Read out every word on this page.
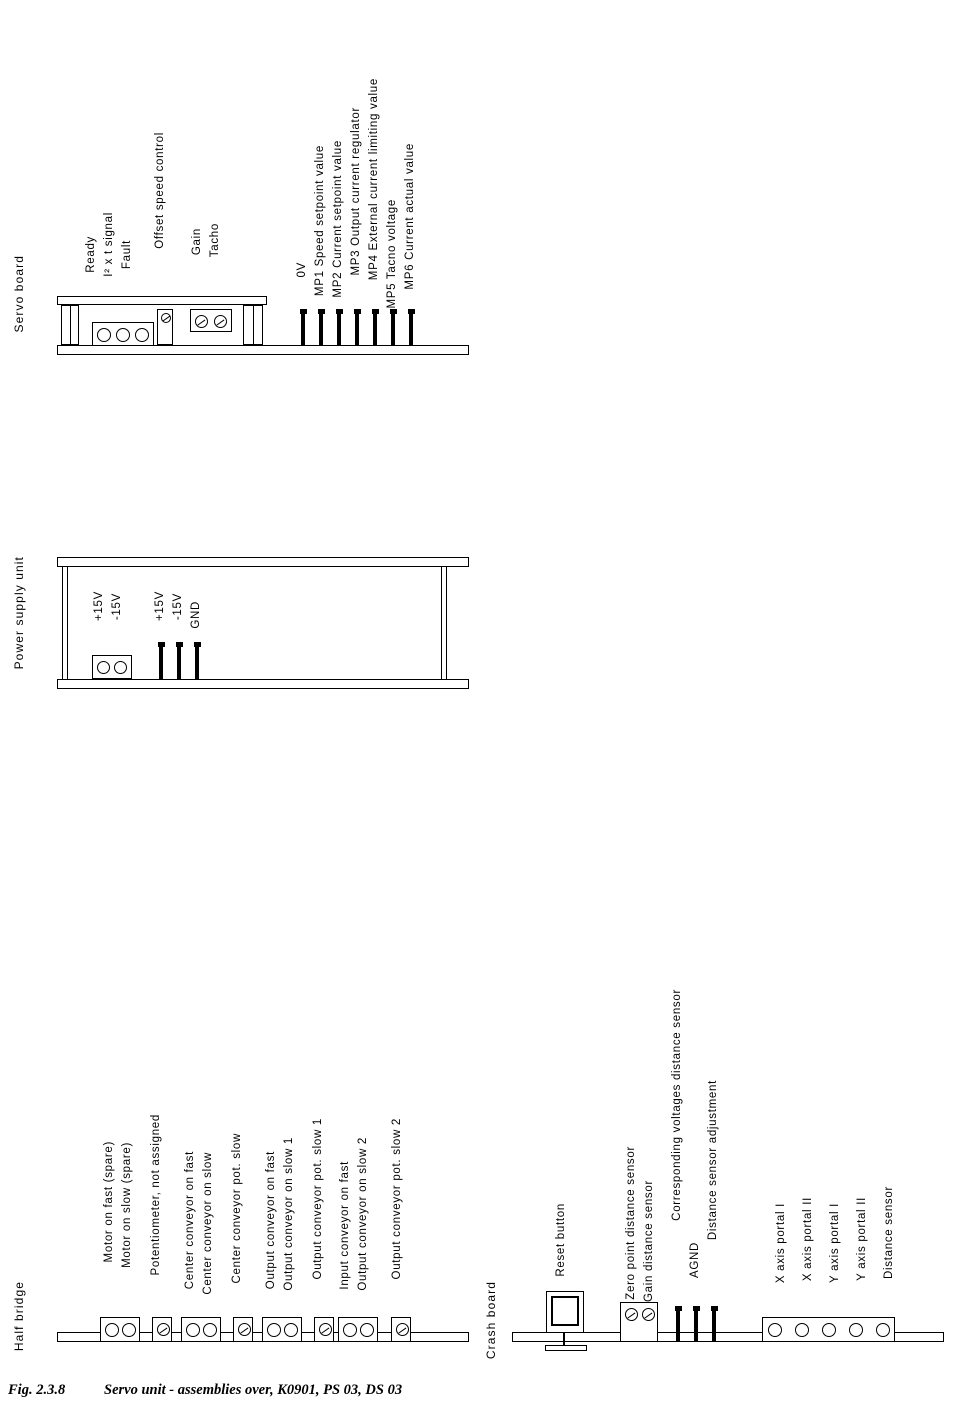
Servo board
Ready I² x t signal Fault
Offset speed control Gain Tacho
0V MP1 Speed setpoint value MP2 Current setpoint value MP3 Output current regulator MP4 External current limiting value MP5 Tacno voltage MP6 Current actual value
Power supply unit	+15V -15V	+15V -15V GND
Half bridge
Motor on fast (spare) Motor on slow (spare) Potentiometer, not assigned Center conveyor on fast Center conveyor on slow Center conveyor pot. slow Output conveyor on fast Output conveyor on slow 1 Output conveyor pot. slow 1 Input conveyor on fast Output conveyor on slow 2 Output conveyor pot. slow 2
Crash board
Reset button	Zero point distance sensor Gain distance sensor
Corresponding voltages distance sensor
AGND
Distance sensor adjustment
X axis portal I X axis portal II Y axis portal I Y axis portal II Distance sensor
Fig. 2.3.8	Servo unit - assemblies over, K0901, PS 03, DS 03
